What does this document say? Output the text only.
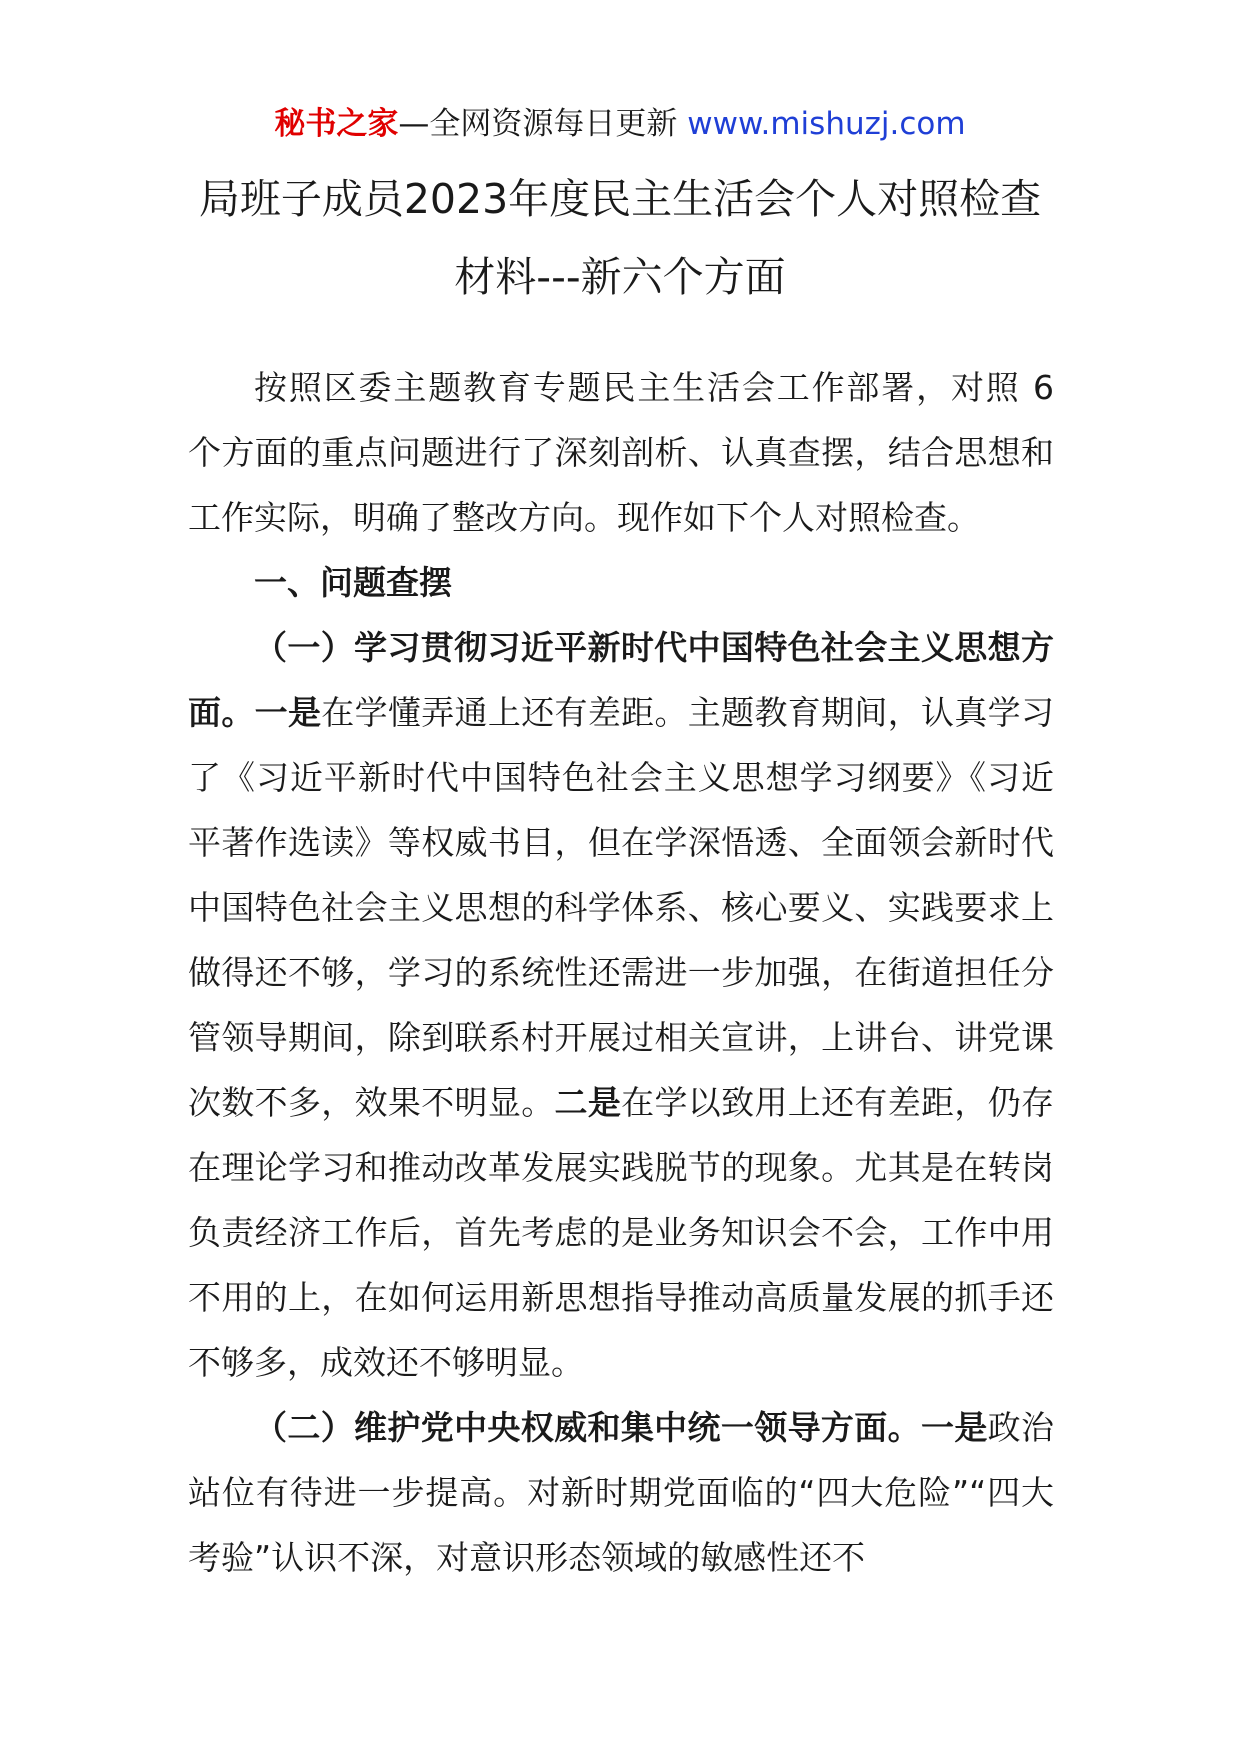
秘书之家—全网资源每日更新 www.mishuzj.com
局班子成员2023年度民主生活会个人对照检查
材料---新六个方面

按照区委主题教育专题民主生活会工作部署，对照 6 个方面的重点问题进行了深刻剖析、认真查摆，结合思想和工作实际，明确了整改方向。现作如下个人对照检查。

一、问题查摆

（一）学习贯彻习近平新时代中国特色社会主义思想方面。一是在学懂弄通上还有差距。主题教育期间，认真学习了《习近平新时代中国特色社会主义思想学习纲要》《习近平著作选读》等权威书目，但在学深悟透、全面领会新时代中国特色社会主义思想的科学体系、核心要义、实践要求上做得还不够，学习的系统性还需进一步加强，在街道担任分管领导期间，除到联系村开展过相关宣讲，上讲台、讲党课次数不多，效果不明显。二是在学以致用上还有差距，仍存在理论学习和推动改革发展实践脱节的现象。尤其是在转岗负责经济工作后，首先考虑的是业务知识会不会，工作中用不用的上，在如何运用新思想指导推动高质量发展的抓手还不够多，成效还不够明显。

（二）维护党中央权威和集中统一领导方面。一是政治站位有待进一步提高。对新时期党面临的“四大危险”“四大考验”认识不深，对意识形态领域的敏感性还不
